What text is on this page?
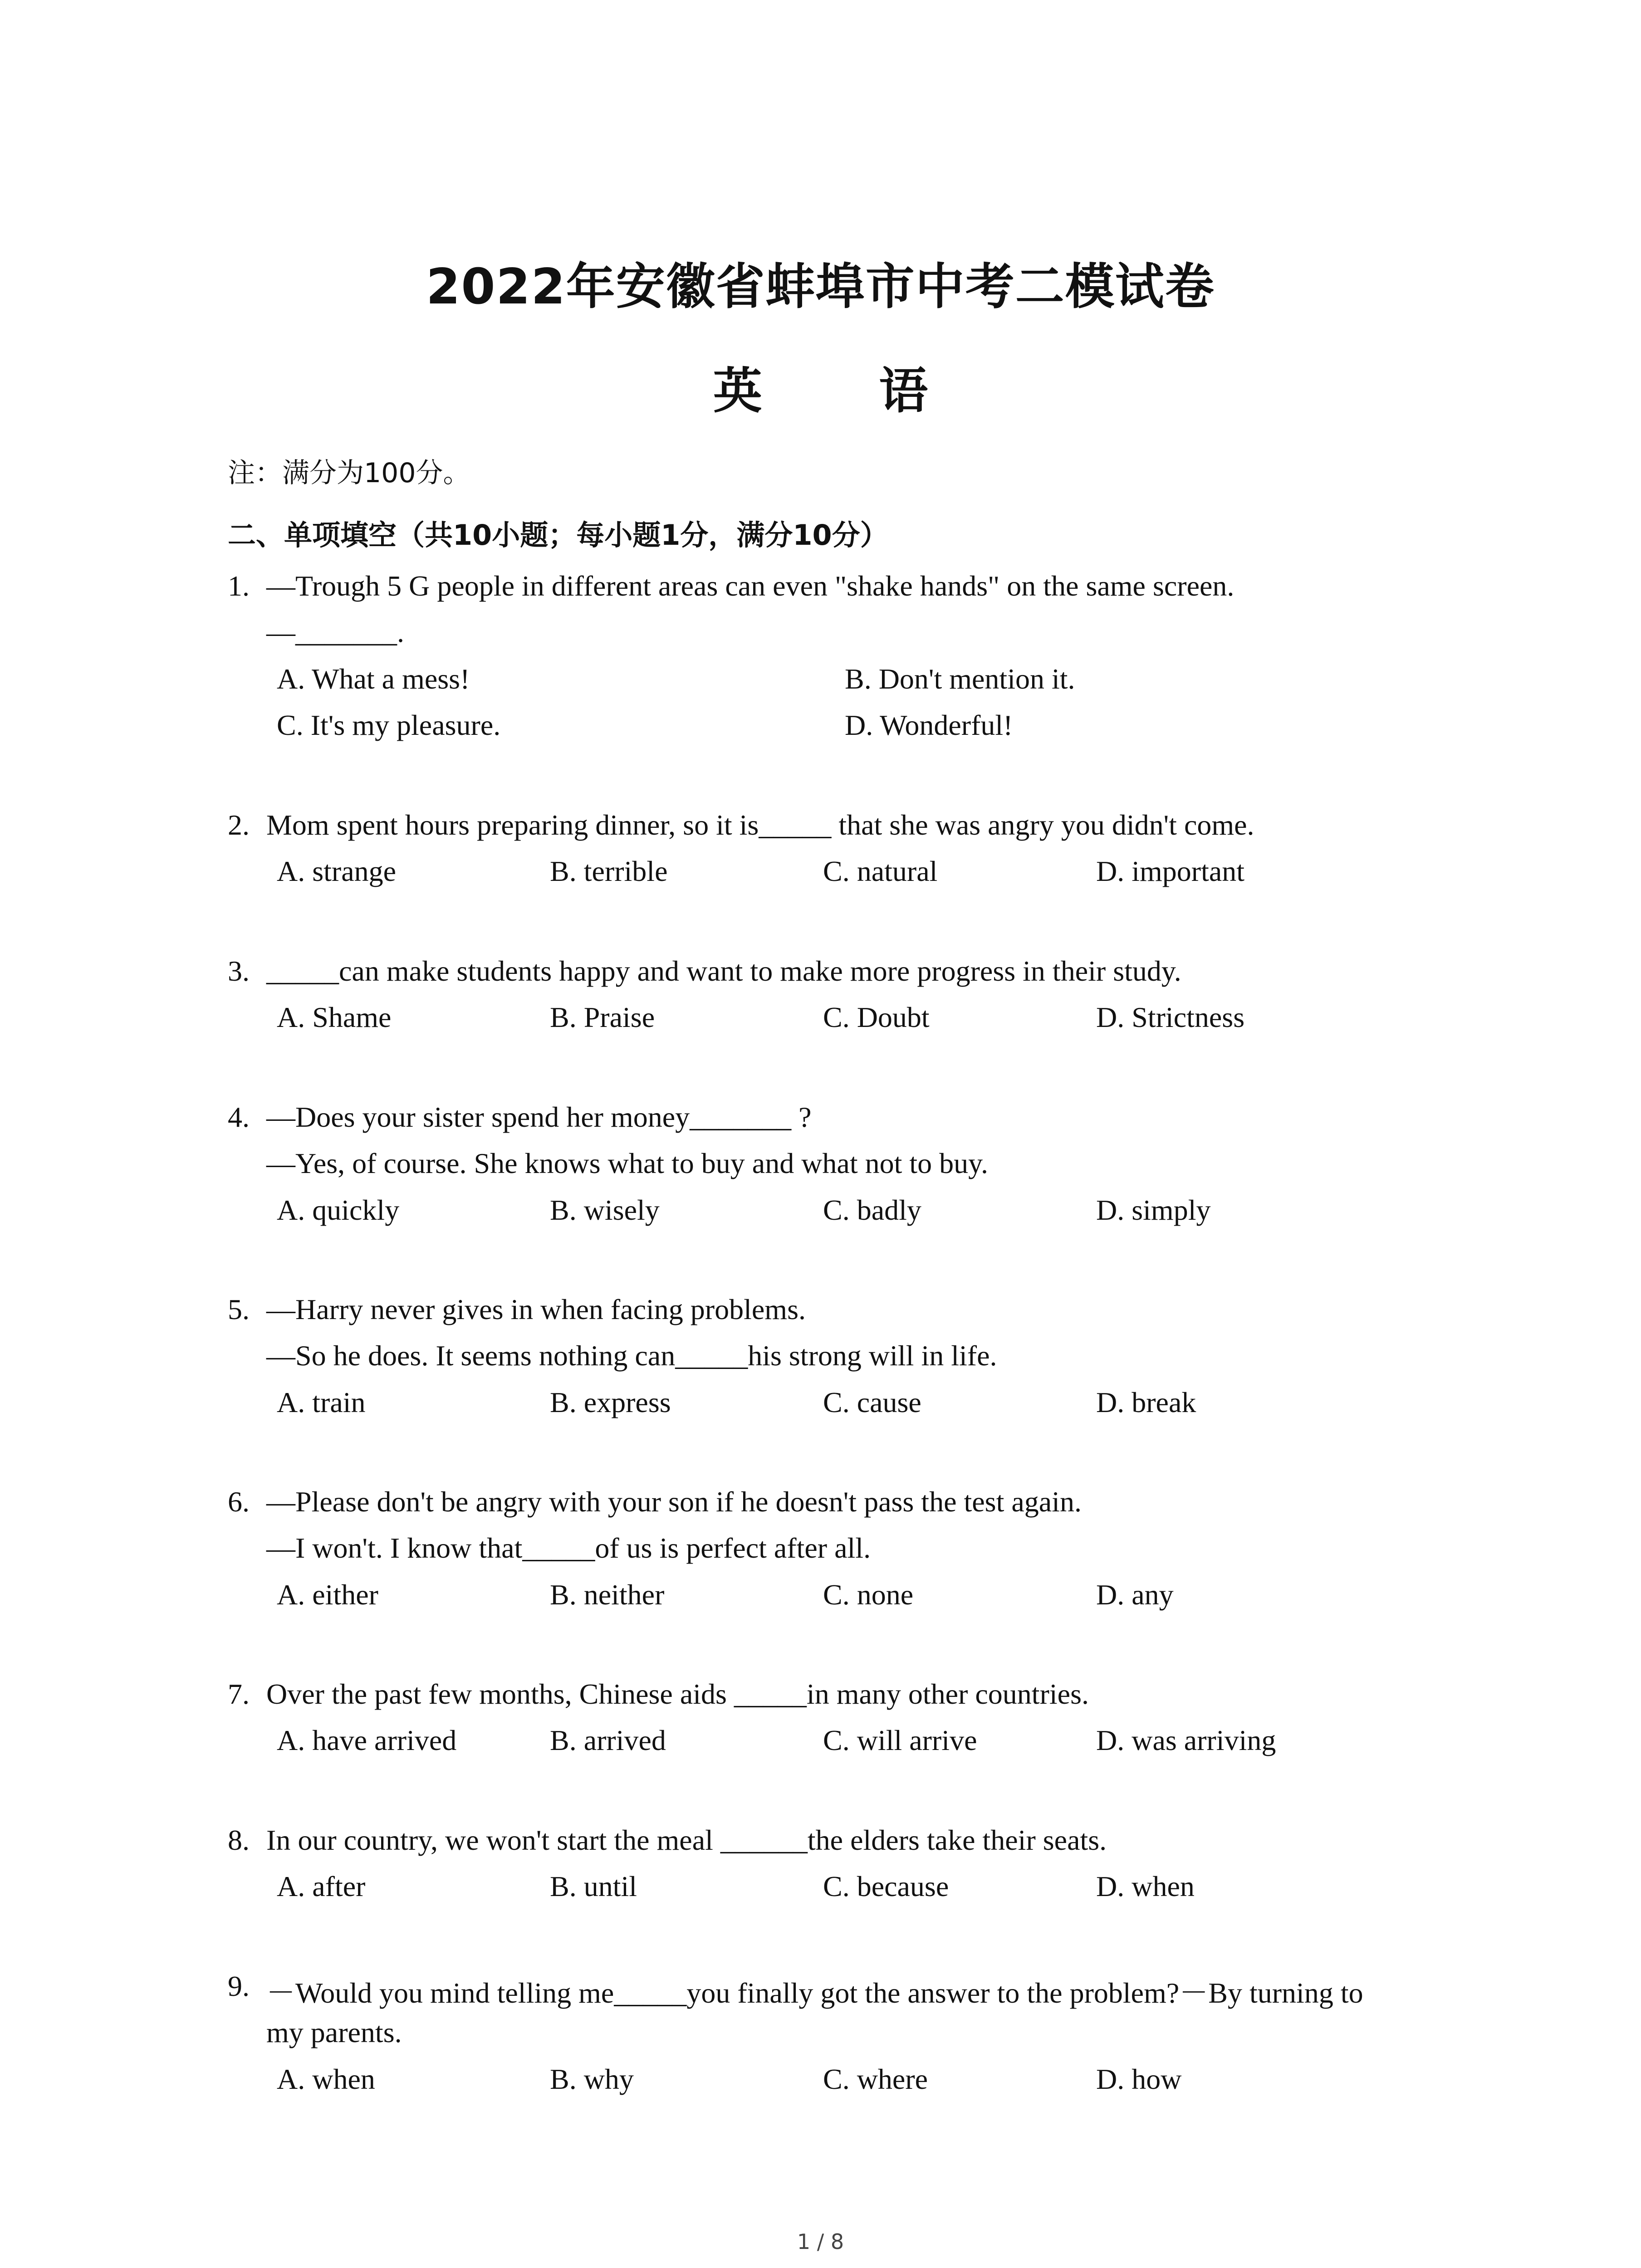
2022年安徽省蚌埠市中考二模试卷
英 语
注：满分为100分。
二、单项填空（共10小题；每小题1分，满分10分）
1. —Trough 5 G people in different areas can even "shake hands" on the same screen.
—_______.
A. What a mess!	B. Don't mention it.
C. It's my pleasure.	D. Wonderful!
2. Mom spent hours preparing dinner, so it is_____ that she was angry you didn't come.
A. strange	B. terrible	C. natural	D. important
3. _____can make students happy and want to make more progress in their study.
A. Shame	B. Praise	C. Doubt	D. Strictness
4. —Does your sister spend her money_______ ?
—Yes, of course. She knows what to buy and what not to buy.
A. quickly	B. wisely	C. badly	D. simply
5. —Harry never gives in when facing problems.
—So he does. It seems nothing can_____his strong will in life.
A. train	B. express	C. cause	D. break
6. —Please don't be angry with your son if he doesn't pass the test again.
—I won't. I know that_____of us is perfect after all.
A. either	B. neither	C. none	D. any
7. Over the past few months, Chinese aids _____in many other countries.
A. have arrived	B. arrived	C. will arrive	D. was arriving
8. In our country, we won't start the meal ______the elders take their seats.
A. after	B. until	C. because	D. when
9. －Would you mind telling me_____you finally got the answer to the problem?－By turning to
my parents.
A. when	B. why	C. where	D. how
1 / 8
